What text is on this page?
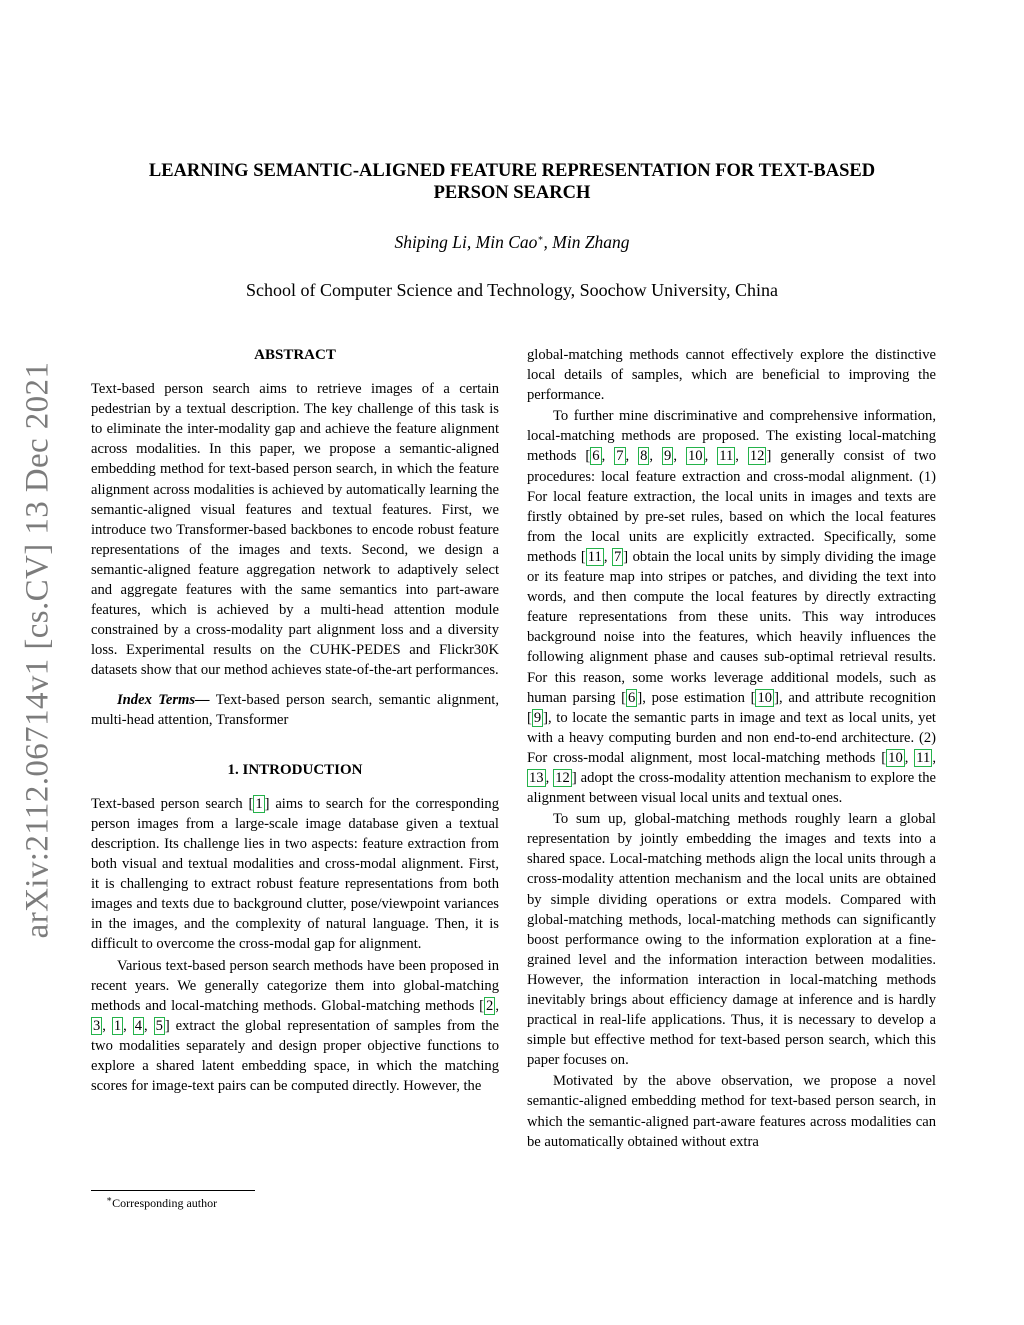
arXiv:2112.06714v1 [cs.CV] 13 Dec 2021
LEARNING SEMANTIC-ALIGNED FEATURE REPRESENTATION FOR TEXT-BASED
PERSON SEARCH
Shiping Li, Min Cao∗, Min Zhang
School of Computer Science and Technology, Soochow University, China
ABSTRACT

Text-based person search aims to retrieve images of a certain pedestrian by a textual description. The key challenge of this task is to eliminate the inter-modality gap and achieve the feature alignment across modalities. In this paper, we propose a semantic-aligned embedding method for text-based person search, in which the feature alignment across modalities is achieved by automatically learning the semantic-aligned visual features and textual features. First, we introduce two Transformer-based backbones to encode robust feature representations of the images and texts. Second, we design a semantic-aligned feature aggregation network to adaptively select and aggregate features with the same semantics into part-aware features, which is achieved by a multi-head attention module constrained by a cross-modality part alignment loss and a diversity loss. Experimental results on the CUHK-PEDES and Flickr30K datasets show that our method achieves state-of-the-art performances.

Index Terms— Text-based person search, semantic alignment, multi-head attention, Transformer

1. INTRODUCTION

Text-based person search [ 1 ] aims to search for the corresponding person images from a large-scale image database given a textual description. Its challenge lies in two aspects: feature extraction from both visual and textual modalities and cross-modal alignment. First, it is challenging to extract robust feature representations from both images and texts due to background clutter, pose/viewpoint variances in the images, and the complexity of natural language. Then, it is difficult to overcome the cross-modal gap for alignment.

Various text-based person search methods have been proposed in recent years. We generally categorize them into global-matching methods and local-matching methods. Global-matching methods [ 2 , 3 , 1 , 4 , 5 ] extract the global representation of samples from the two modalities separately and design proper objective functions to explore a shared latent embedding space, in which the matching scores for image-text pairs can be computed directly. However, the

global-matching methods cannot effectively explore the distinctive local details of samples, which are beneficial to improving the performance.

To further mine discriminative and comprehensive information, local-matching methods are proposed. The existing local-matching methods [ 6 , 7 , 8 , 9 , 10 , 11 , 12 ] generally consist of two procedures: local feature extraction and cross-modal alignment. (1) For local feature extraction, the local units in images and texts are firstly obtained by pre-set rules, based on which the local features from the local units are explicitly extracted. Specifically, some methods [ 11 , 7 ] obtain the local units by simply dividing the image or its feature map into stripes or patches, and dividing the text into words, and then compute the local features by directly extracting feature representations from these units. This way introduces background noise into the features, which heavily influences the following alignment phase and causes sub-optimal retrieval results. For this reason, some works leverage additional models, such as human parsing [ 6 ], pose estimation [ 10 ], and attribute recognition [ 9 ], to locate the semantic parts in image and text as local units, yet with a heavy computing burden and non end-to-end architecture. (2) For cross-modal alignment, most local-matching methods [ 10 , 11 , 13 , 12 ] adopt the cross-modality attention mechanism to explore the alignment between visual local units and textual ones.

To sum up, global-matching methods roughly learn a global representation by jointly embedding the images and texts into a shared space. Local-matching methods align the local units through a cross-modality attention mechanism and the local units are obtained by simple dividing operations or extra models. Compared with global-matching methods, local-matching methods can significantly boost performance owing to the information exploration at a fine-grained level and the information interaction between modalities. However, the information interaction in local-matching methods inevitably brings about efficiency damage at inference and is hardly practical in real-life applications. Thus, it is necessary to develop a simple but effective method for text-based person search, which this paper focuses on.

Motivated by the above observation, we propose a novel semantic-aligned embedding method for text-based person search, in which the semantic-aligned part-aware features across modalities can be automatically obtained without extra

∗Corresponding author
